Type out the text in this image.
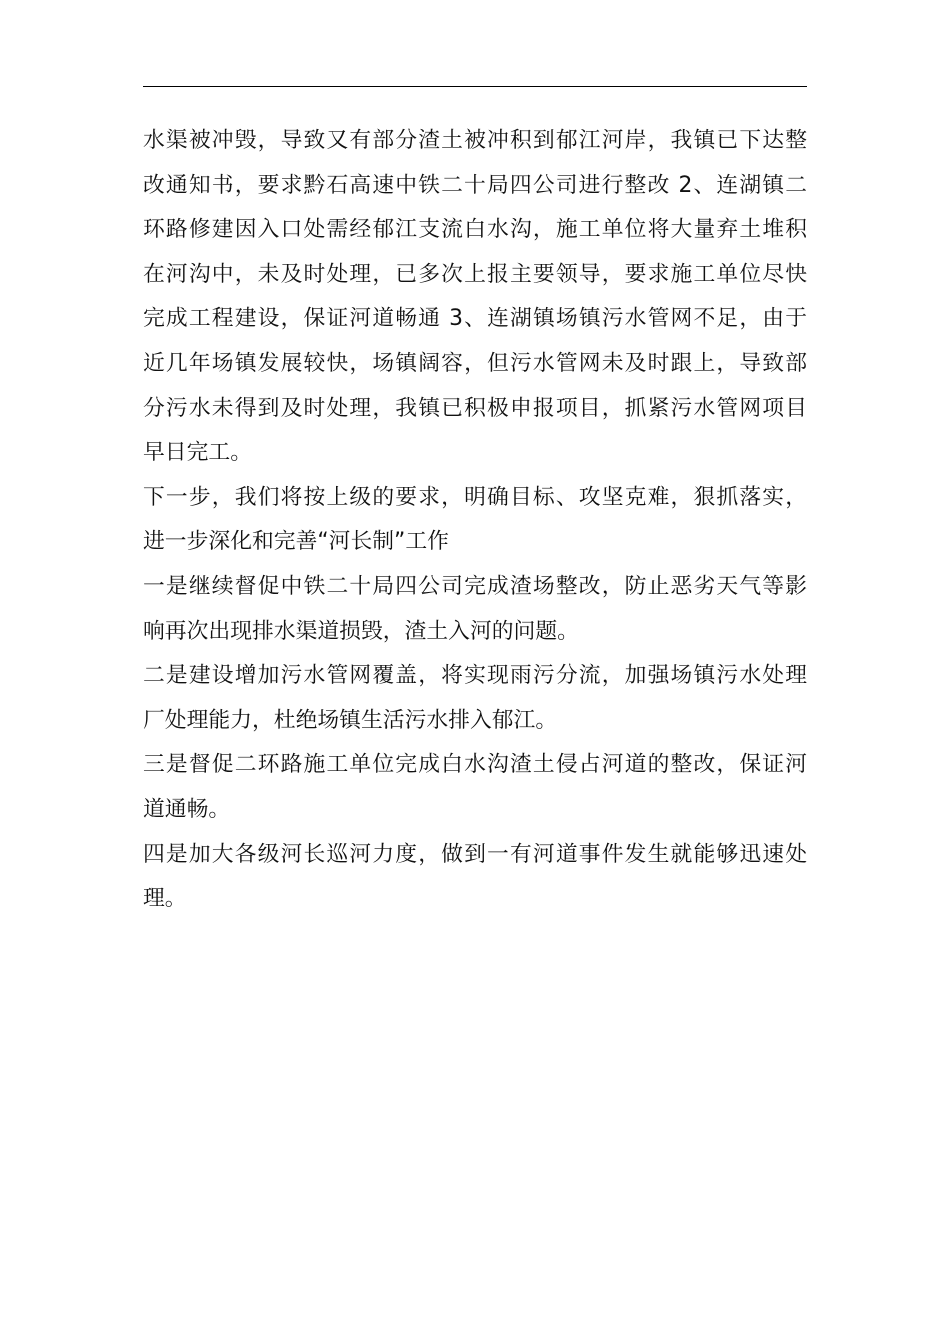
水渠被冲毁，导致又有部分渣土被冲积到郁江河岸，我镇已下达整
改通知书，要求黔石高速中铁二十局四公司进行整改 2、连湖镇二
环路修建因入口处需经郁江支流白水沟，施工单位将大量弃土堆积
在河沟中，未及时处理，已多次上报主要领导，要求施工单位尽快
完成工程建设，保证河道畅通 3、连湖镇场镇污水管网不足，由于
近几年场镇发展较快，场镇阔容，但污水管网未及时跟上，导致部
分污水未得到及时处理，我镇已积极申报项目，抓紧污水管网项目
早日完工。
下一步，我们将按上级的要求，明确目标、攻坚克难，狠抓落实，
进一步深化和完善“河长制”工作
一是继续督促中铁二十局四公司完成渣场整改，防止恶劣天气等影
响再次出现排水渠道损毁，渣土入河的问题。
二是建设增加污水管网覆盖，将实现雨污分流，加强场镇污水处理
厂处理能力，杜绝场镇生活污水排入郁江。
三是督促二环路施工单位完成白水沟渣土侵占河道的整改，保证河
道通畅。
四是加大各级河长巡河力度，做到一有河道事件发生就能够迅速处
理。
